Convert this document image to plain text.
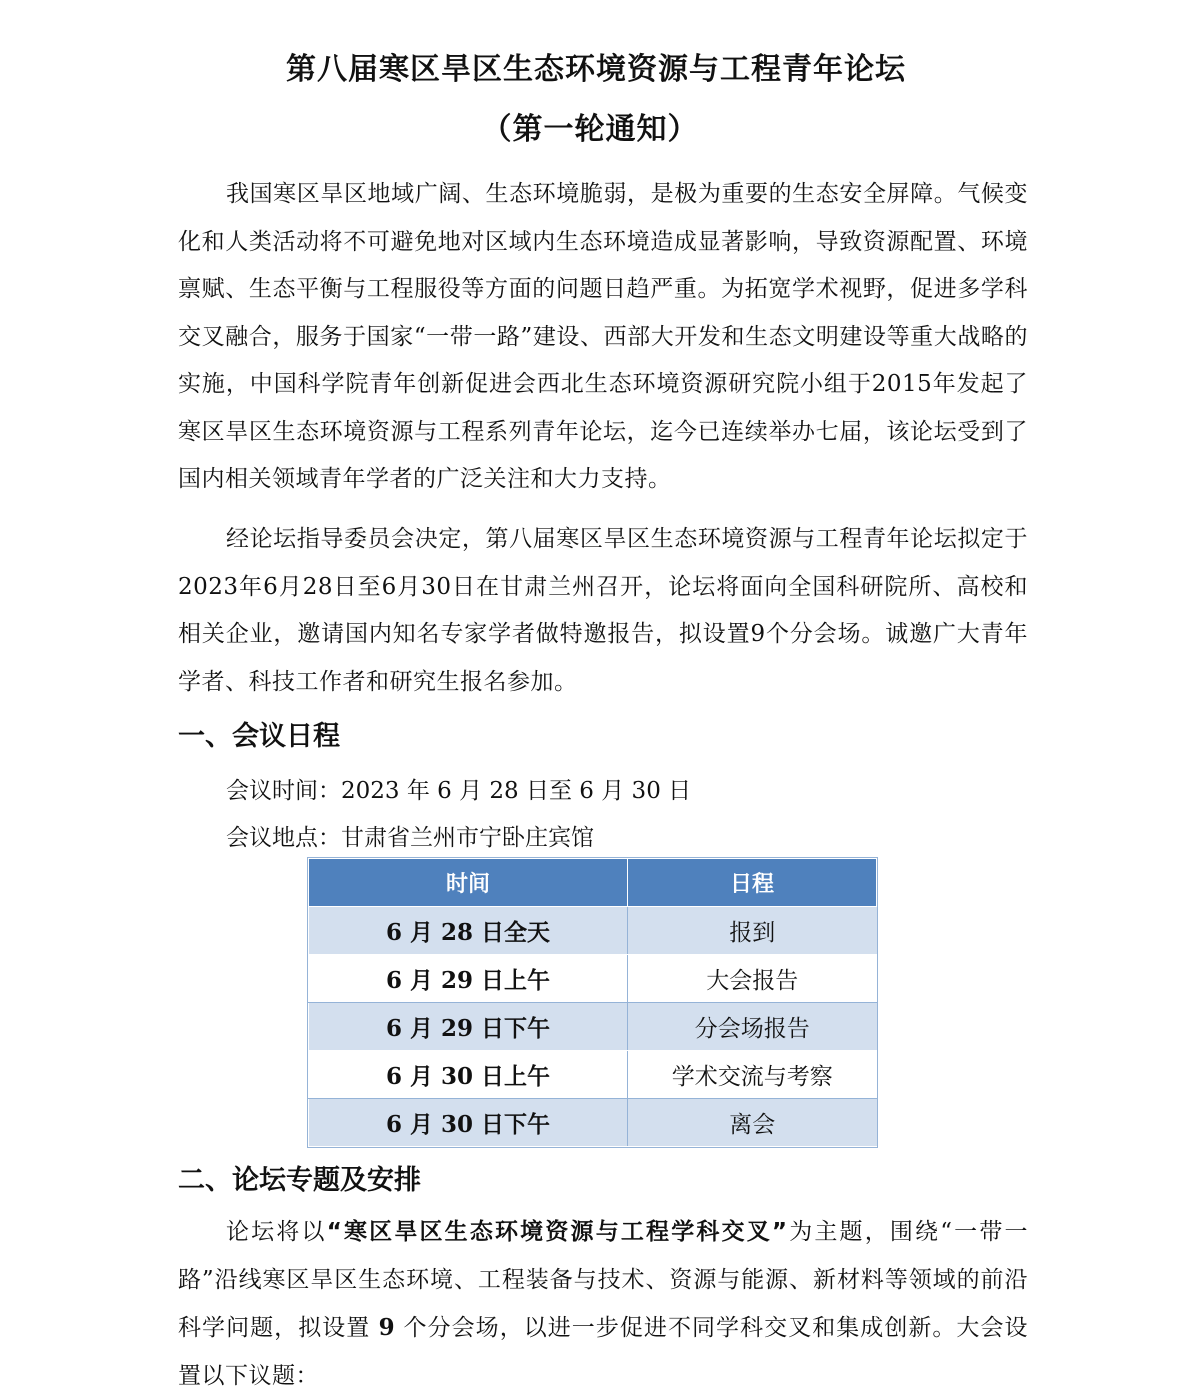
第八届寒区旱区生态环境资源与工程青年论坛
（第一轮通知）
我国寒区旱区地域广阔、生态环境脆弱，是极为重要的生态安全屏障。气候变化和人类活动将不可避免地对区域内生态环境造成显著影响，导致资源配置、环境禀赋、生态平衡与工程服役等方面的问题日趋严重。为拓宽学术视野，促进多学科交叉融合，服务于国家“一带一路”建设、西部大开发和生态文明建设等重大战略的实施，中国科学院青年创新促进会西北生态环境资源研究院小组于2015年发起了寒区旱区生态环境资源与工程系列青年论坛，迄今已连续举办七届，该论坛受到了国内相关领域青年学者的广泛关注和大力支持。
经论坛指导委员会决定，第八届寒区旱区生态环境资源与工程青年论坛拟定于2023年6月28日至6月30日在甘肃兰州召开，论坛将面向全国科研院所、高校和相关企业，邀请国内知名专家学者做特邀报告，拟设置9个分会场。诚邀广大青年学者、科技工作者和研究生报名参加。
一、会议日程
会议时间：2023 年 6 月 28 日至 6 月 30 日
会议地点：甘肃省兰州市宁卧庄宾馆
时间	日程
6 月 28 日全天	报到
6 月 29 日上午	大会报告
6 月 29 日下午	分会场报告
6 月 30 日上午	学术交流与考察
6 月 30 日下午	离会
二、论坛专题及安排
论坛将以“寒区旱区生态环境资源与工程学科交叉”为主题，围绕“一带一路”沿线寒区旱区生态环境、工程装备与技术、资源与能源、新材料等领域的前沿科学问题，拟设置 9 个分会场，以进一步促进不同学科交叉和集成创新。大会设置以下议题：
